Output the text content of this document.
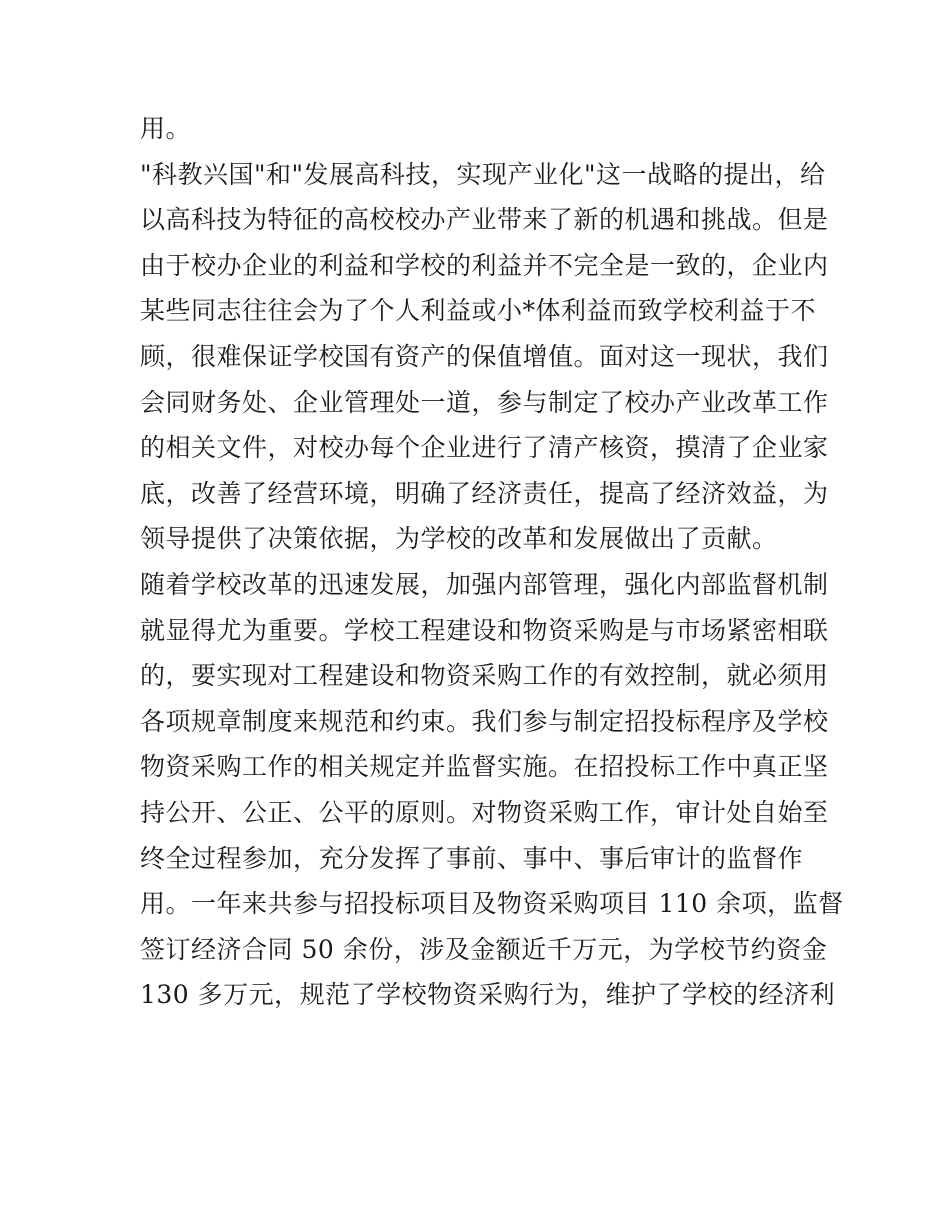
用。
"科教兴国"和"发展高科技，实现产业化"这一战略的提出，给
以高科技为特征的高校校办产业带来了新的机遇和挑战。但是
由于校办企业的利益和学校的利益并不完全是一致的，企业内
某些同志往往会为了个人利益或小*体利益而致学校利益于不
顾，很难保证学校国有资产的保值增值。面对这一现状，我们
会同财务处、企业管理处一道，参与制定了校办产业改革工作
的相关文件，对校办每个企业进行了清产核资，摸清了企业家
底，改善了经营环境，明确了经济责任，提高了经济效益，为
领导提供了决策依据，为学校的改革和发展做出了贡献。
随着学校改革的迅速发展，加强内部管理，强化内部监督机制
就显得尤为重要。学校工程建设和物资采购是与市场紧密相联
的，要实现对工程建设和物资采购工作的有效控制，就必须用
各项规章制度来规范和约束。我们参与制定招投标程序及学校
物资采购工作的相关规定并监督实施。在招投标工作中真正坚
持公开、公正、公平的原则。对物资采购工作，审计处自始至
终全过程参加，充分发挥了事前、事中、事后审计的监督作
用。一年来共参与招投标项目及物资采购项目 110 余项，监督
签订经济合同 50 余份，涉及金额近千万元，为学校节约资金
130 多万元，规范了学校物资采购行为，维护了学校的经济利
